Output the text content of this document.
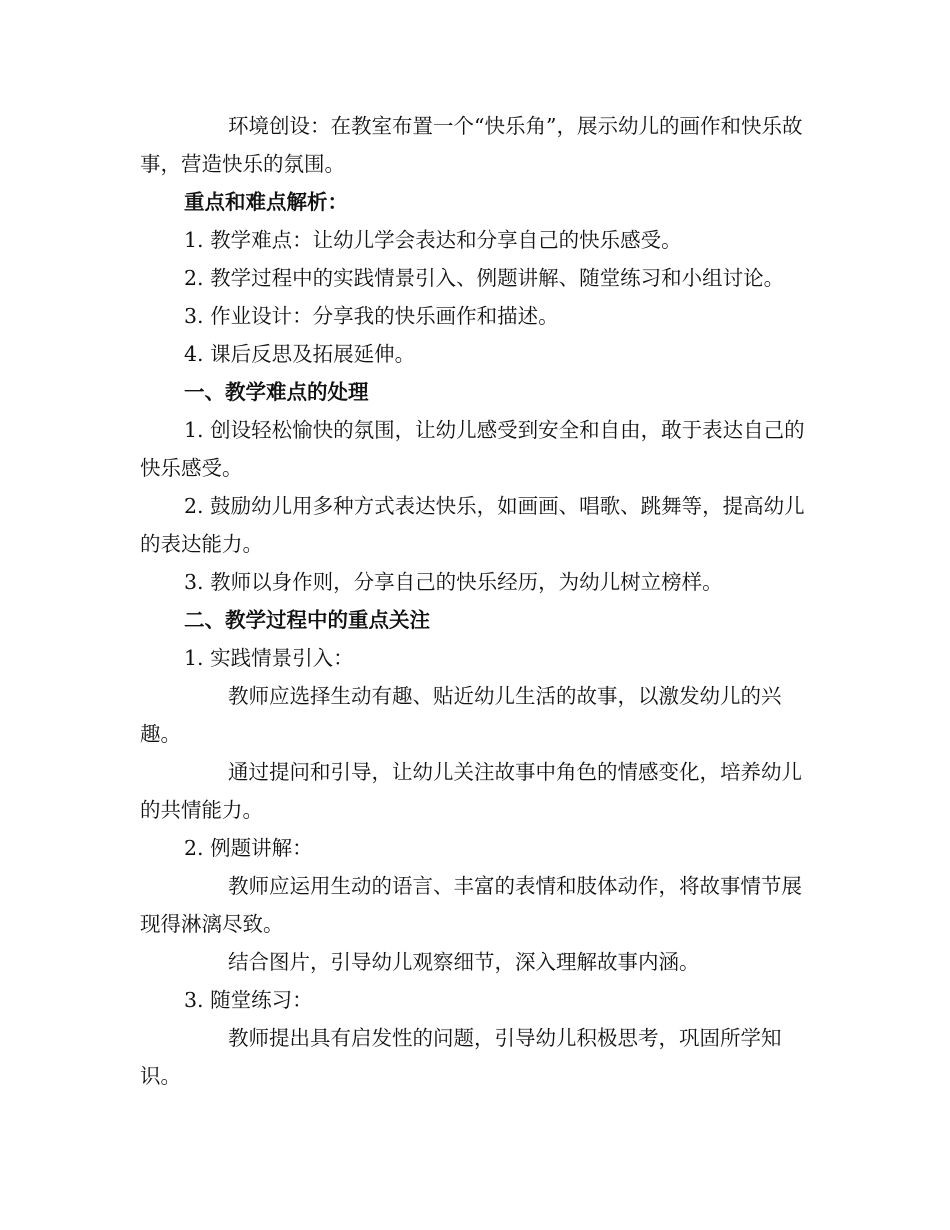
环境创设：在教室布置一个“快乐角”，展示幼儿的画作和快乐故事，营造快乐的氛围。

重点和难点解析：

1. 教学难点：让幼儿学会表达和分享自己的快乐感受。

2. 教学过程中的实践情景引入、例题讲解、随堂练习和小组讨论。

3. 作业设计：分享我的快乐画作和描述。

4. 课后反思及拓展延伸。

一、教学难点的处理

1. 创设轻松愉快的氛围，让幼儿感受到安全和自由，敢于表达自己的快乐感受。

2. 鼓励幼儿用多种方式表达快乐，如画画、唱歌、跳舞等，提高幼儿的表达能力。

3. 教师以身作则，分享自己的快乐经历，为幼儿树立榜样。

二、教学过程中的重点关注

1. 实践情景引入：

教师应选择生动有趣、贴近幼儿生活的故事，以激发幼儿的兴趣。

通过提问和引导，让幼儿关注故事中角色的情感变化，培养幼儿的共情能力。

2. 例题讲解：

教师应运用生动的语言、丰富的表情和肢体动作，将故事情节展现得淋漓尽致。

结合图片，引导幼儿观察细节，深入理解故事内涵。

3. 随堂练习：

教师提出具有启发性的问题，引导幼儿积极思考，巩固所学知识。
